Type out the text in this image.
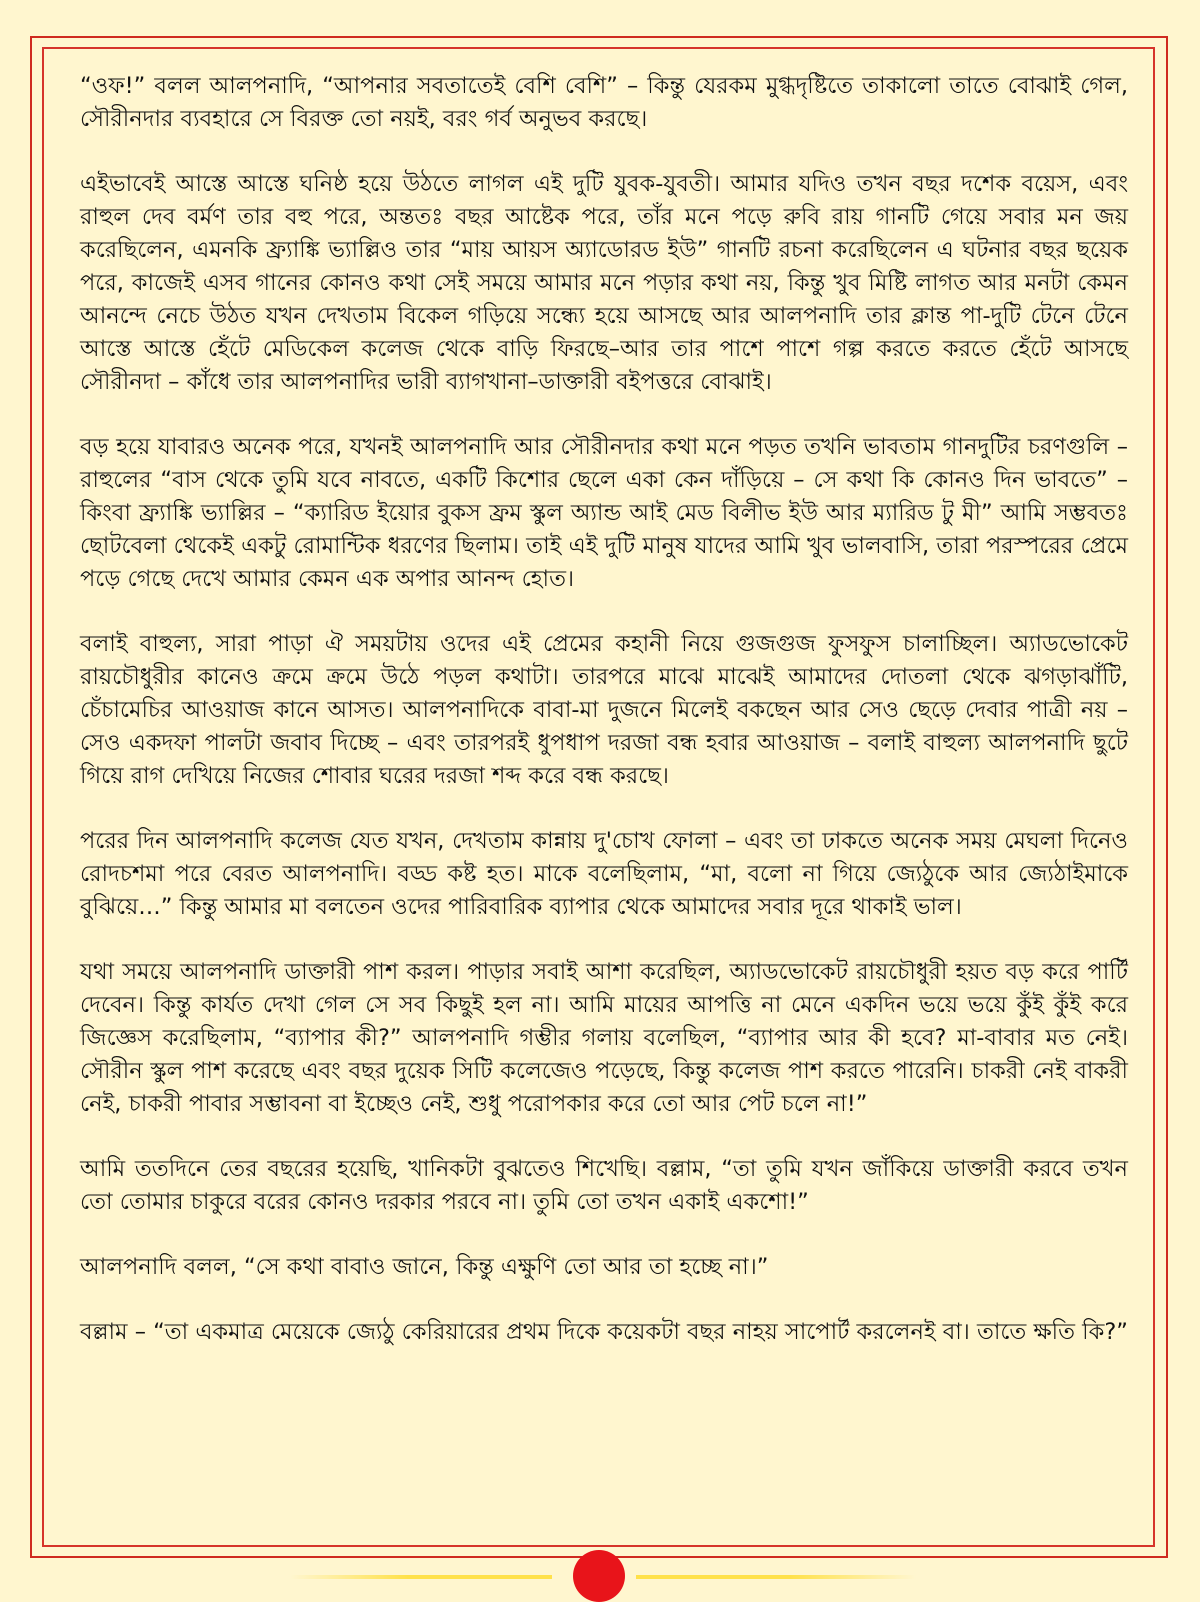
“ওফ!” বলল আলপনাদি, “আপনার সবতাতেই বেশি বেশি” – কিন্তু যেরকম মুগ্ধদৃষ্টিতে তাকালো তাতে বোঝাই গেল, সৌরীনদার ব্যবহারে সে বিরক্ত তো নয়ই, বরং গর্ব অনুভব করছে।

এইভাবেই আস্তে আস্তে ঘনিষ্ঠ হয়ে উঠতে লাগল এই দুটি যুবক-যুবতী। আমার যদিও তখন বছর দশেক বয়েস, এবং রাহুল দেব বর্মণ তার বহু পরে, অন্ততঃ বছর আষ্টেক পরে, তাঁর মনে পড়ে রুবি রায় গানটি গেয়ে সবার মন জয় করেছিলেন, এমনকি ফ্র্যাঙ্কি ভ্যাল্লিও তার “মায় আয়স অ্যাডোরড ইউ” গানটি রচনা করেছিলেন এ ঘটনার বছর ছয়েক পরে, কাজেই এসব গানের কোনও কথা সেই সময়ে আমার মনে পড়ার কথা নয়, কিন্তু খুব মিষ্টি লাগত আর মনটা কেমন আনন্দে নেচে উঠত যখন দেখতাম বিকেল গড়িয়ে সন্ধ্যে হয়ে আসছে আর আলপনাদি তার ক্লান্ত পা-দুটি টেনে টেনে আস্তে আস্তে হেঁটে মেডিকেল কলেজ থেকে বাড়ি ফিরছে–আর তার পাশে পাশে গল্প করতে করতে হেঁটে আসছে সৌরীনদা – কাঁধে তার আলপনাদির ভারী ব্যাগখানা–ডাক্তারী বইপত্তরে বোঝাই।

বড় হয়ে যাবারও অনেক পরে, যখনই আলপনাদি আর সৌরীনদার কথা মনে পড়ত তখনি ভাবতাম গানদুটির চরণগুলি – রাহুলের “বাস থেকে তুমি যবে নাবতে, একটি কিশোর ছেলে একা কেন দাঁড়িয়ে – সে কথা কি কোনও দিন ভাবতে” – কিংবা ফ্র্যাঙ্কি ভ্যাল্লির – “ক্যারিড ইয়োর বুকস ফ্রম স্কুল অ্যান্ড আই মেড বিলীভ ইউ আর ম্যারিড টু মী” আমি সম্ভবতঃ ছোটবেলা থেকেই একটু রোমান্টিক ধরণের ছিলাম। তাই এই দুটি মানুষ যাদের আমি খুব ভালবাসি, তারা পরস্পরের প্রেমে পড়ে গেছে দেখে আমার কেমন এক অপার আনন্দ হোত।

বলাই বাহুল্য, সারা পাড়া ঐ সময়টায় ওদের এই প্রেমের কহানী নিয়ে গুজগুজ ফুসফুস চালাচ্ছিল। অ্যাডভোকেট রায়চৌধুরীর কানেও ক্রমে ক্রমে উঠে পড়ল কথাটা। তারপরে মাঝে মাঝেই আমাদের দোতলা থেকে ঝগড়াঝাঁটি, চেঁচামেচির আওয়াজ কানে আসত। আলপনাদিকে বাবা-মা দুজনে মিলেই বকছেন আর সেও ছেড়ে দেবার পাত্রী নয় – সেও একদফা পালটা জবাব দিচ্ছে – এবং তারপরই ধুপধাপ দরজা বন্ধ হবার আওয়াজ – বলাই বাহুল্য আলপনাদি ছুটে গিয়ে রাগ দেখিয়ে নিজের শোবার ঘরের দরজা শব্দ করে বন্ধ করছে।

পরের দিন আলপনাদি কলেজ যেত যখন, দেখতাম কান্নায় দু'চোখ ফোলা – এবং তা ঢাকতে অনেক সময় মেঘলা দিনেও রোদচশমা পরে বেরত আলপনাদি। বড্ড কষ্ট হত। মাকে বলেছিলাম, “মা, বলো না গিয়ে জ্যেঠুকে আর জ্যেঠাইমাকে বুঝিয়ে…” কিন্তু আমার মা বলতেন ওদের পারিবারিক ব্যাপার থেকে আমাদের সবার দূরে থাকাই ভাল।

যথা সময়ে আলপনাদি ডাক্তারী পাশ করল। পাড়ার সবাই আশা করেছিল, অ্যাডভোকেট রায়চৌধুরী হয়ত বড় করে পার্টি দেবেন। কিন্তু কার্যত দেখা গেল সে সব কিছুই হল না। আমি মায়ের আপত্তি না মেনে একদিন ভয়ে ভয়ে কুঁই কুঁই করে জিজ্ঞেস করেছিলাম, “ব্যাপার কী?” আলপনাদি গম্ভীর গলায় বলেছিল, “ব্যাপার আর কী হবে? মা-বাবার মত নেই। সৌরীন স্কুল পাশ করেছে এবং বছর দুয়েক সিটি কলেজেও পড়েছে, কিন্তু কলেজ পাশ করতে পারেনি। চাকরী নেই বাকরী নেই, চাকরী পাবার সম্ভাবনা বা ইচ্ছেও নেই, শুধু পরোপকার করে তো আর পেট চলে না!”

আমি ততদিনে তের বছরের হয়েছি, খানিকটা বুঝতেও শিখেছি। বল্লাম, “তা তুমি যখন জাঁকিয়ে ডাক্তারী করবে তখন তো তোমার চাকুরে বরের কোনও দরকার পরবে না। তুমি তো তখন একাই একশো!”

আলপনাদি বলল, “সে কথা বাবাও জানে, কিন্তু এক্ষুণি তো আর তা হচ্ছে না।”

বল্লাম – “তা একমাত্র মেয়েকে জ্যেঠু কেরিয়ারের প্রথম দিকে কয়েকটা বছর নাহয় সাপোর্ট করলেনই বা। তাতে ক্ষতি কি?”
